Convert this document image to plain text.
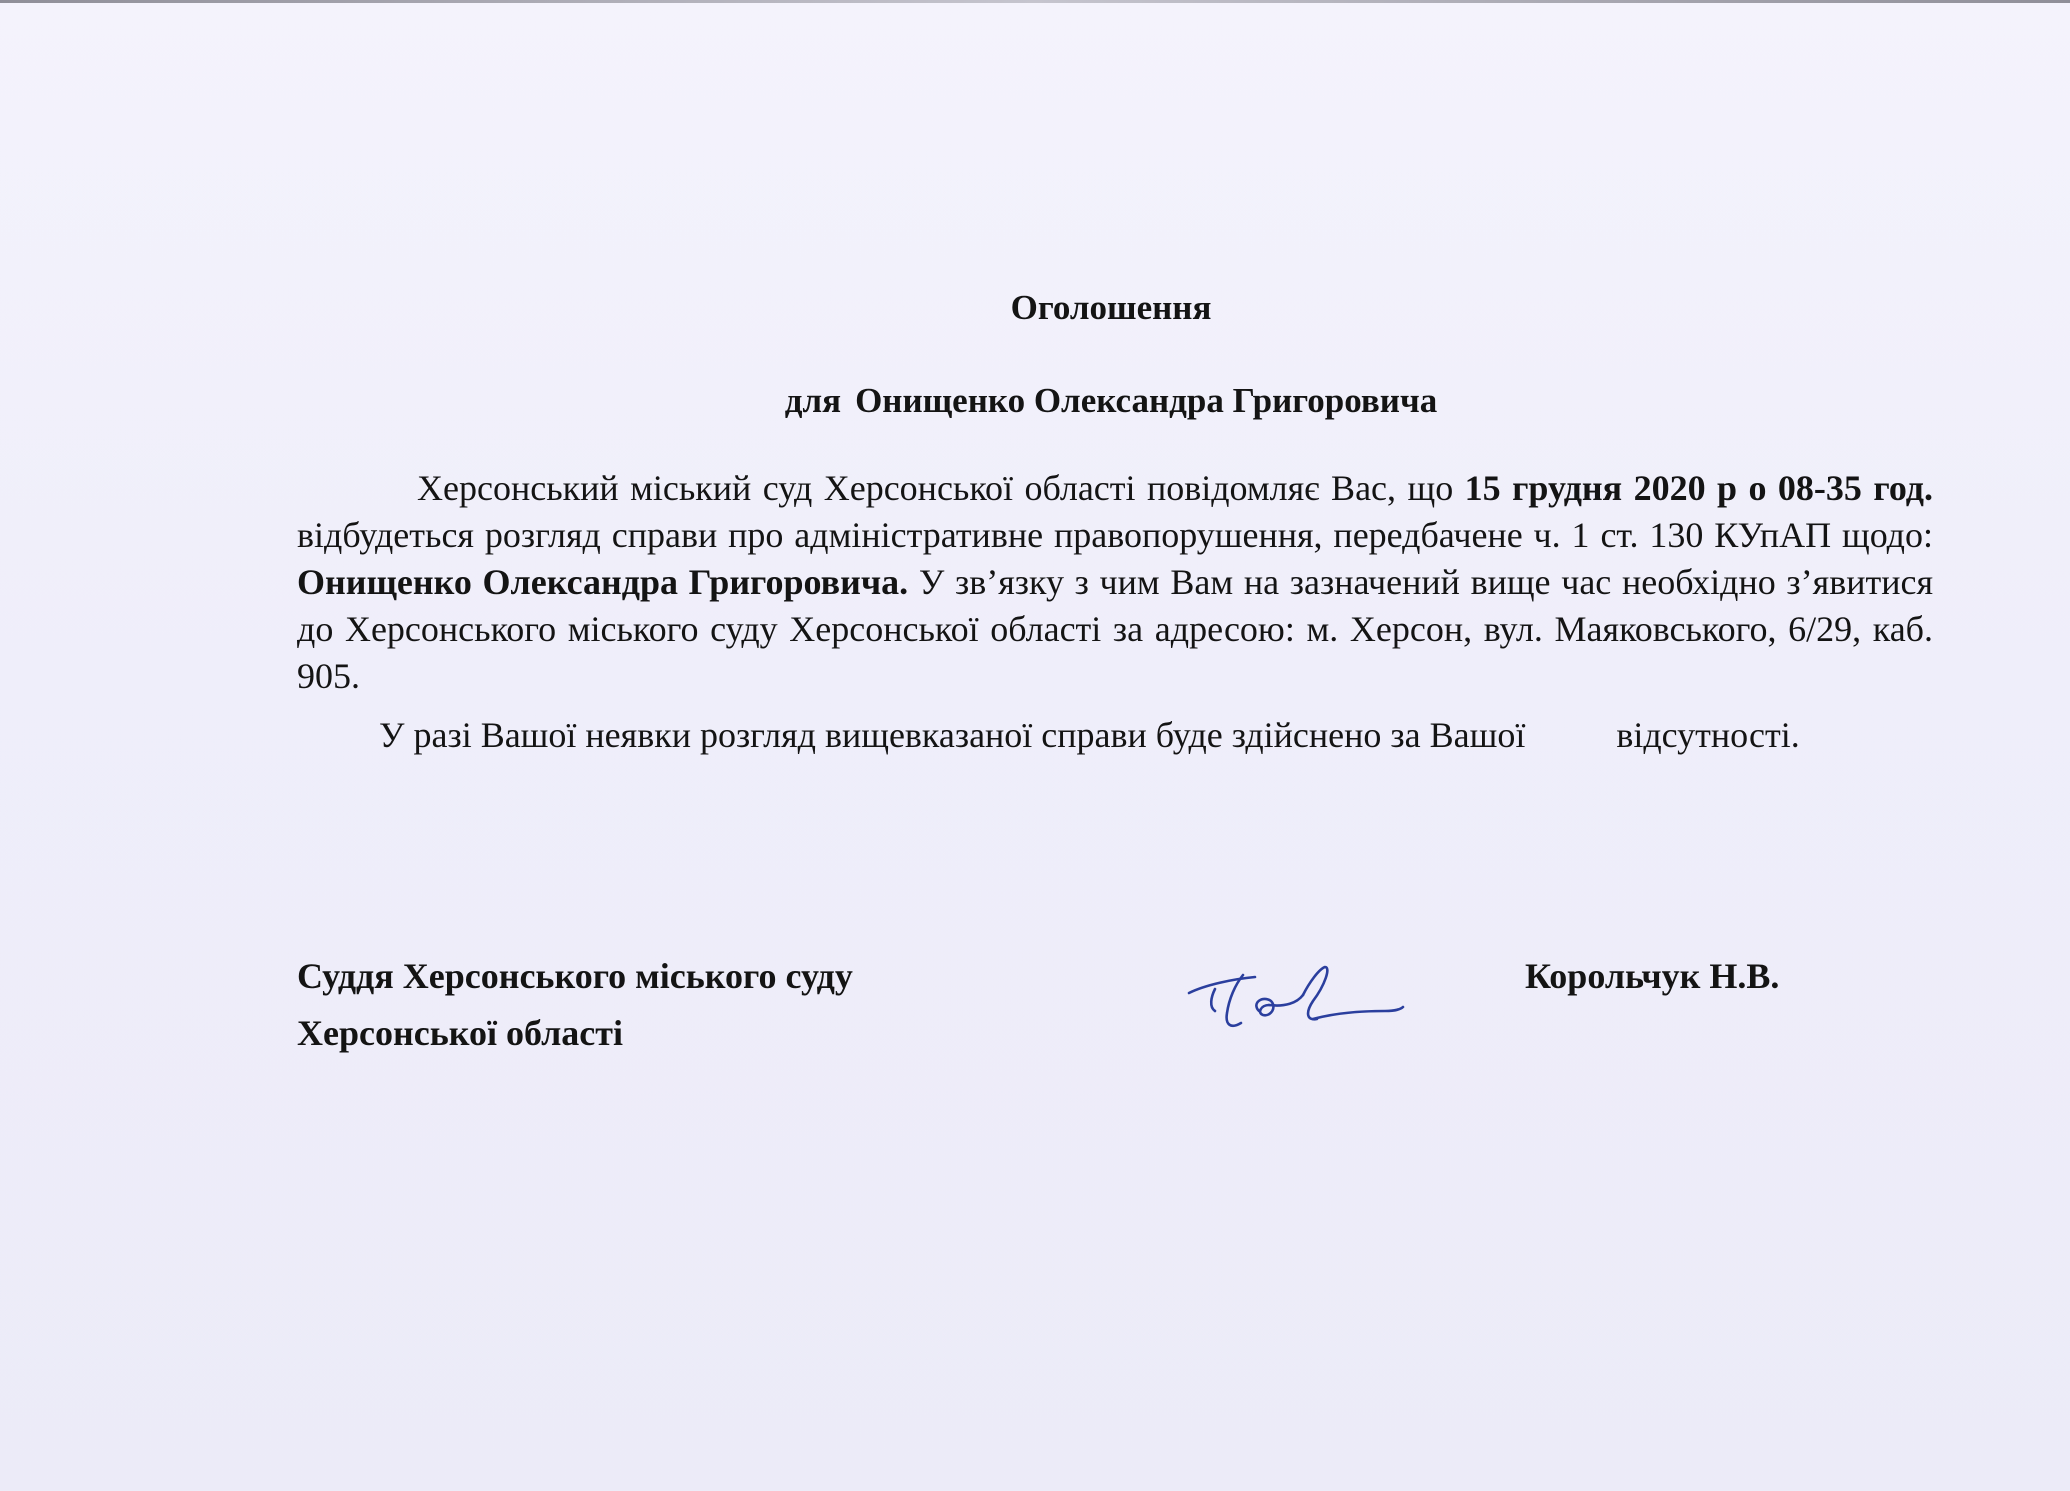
Оголошення
для Онищенко Олександра Григоровича

Херсонський міський суд Херсонської області повідомляє Вас, що 15 грудня 2020 р о 08-35 год. відбудеться розгляд справи про адміністративне правопорушення, передбачене ч. 1 ст. 130 КУпАП щодо: Онищенко Олександра Григоровича. У зв’язку з чим Вам на зазначений вище час необхідно з’явитися до Херсонського міського суду Херсонської області за адресою: м. Херсон, вул. Маяковського, 6/29, каб. 905.

У разі Вашої неявки розгляд вищевказаної справи буде здійснено за Вашої	відсутності.

Суддя Херсонського міського суду
Херсонської області
Корольчук Н.В.
